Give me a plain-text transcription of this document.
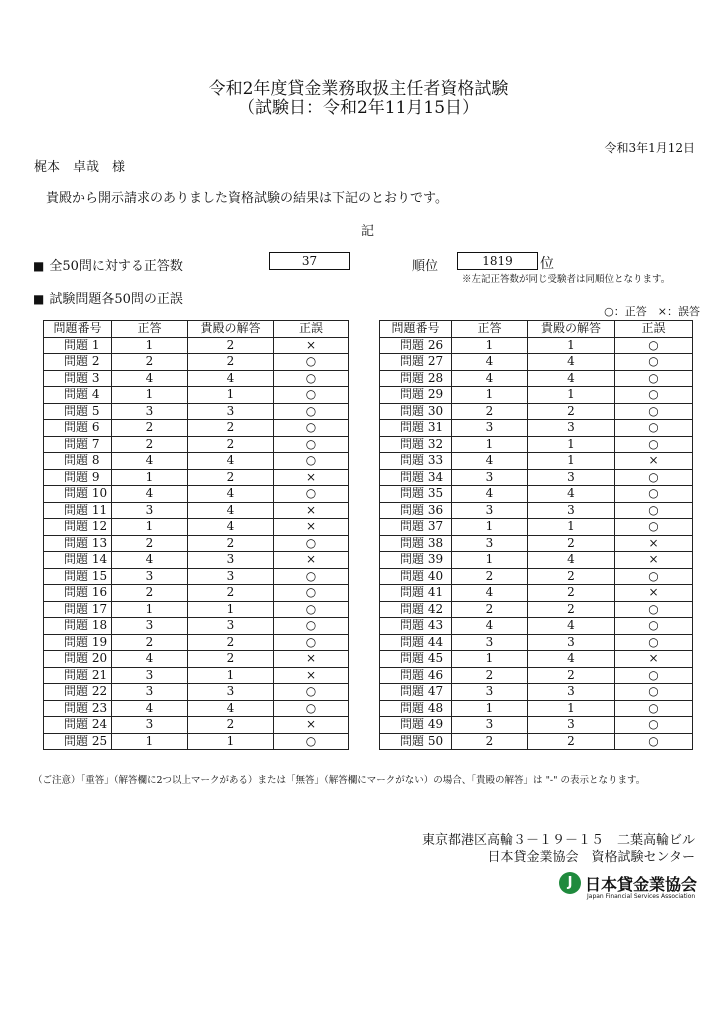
令和2年度貸金業務取扱主任者資格試験
（試験日：令和2年11月15日）
令和3年1月12日
梶本　卓哉　様
貴殿から開示請求のありました資格試験の結果は下記のとおりです。
記
■ 全50問に対する正答数	37	順位	1819	位
※左記正答数が同じ受験者は同順位となります。
■ 試験問題各50問の正誤
○：正答　×：誤答
問題番号	正答	貴殿の解答	正誤
問題 1	1	2	×
問題 2	2	2	○
問題 3	4	4	○
問題 4	1	1	○
問題 5	3	3	○
問題 6	2	2	○
問題 7	2	2	○
問題 8	4	4	○
問題 9	1	2	×
問題 10	4	4	○
問題 11	3	4	×
問題 12	1	4	×
問題 13	2	2	○
問題 14	4	3	×
問題 15	3	3	○
問題 16	2	2	○
問題 17	1	1	○
問題 18	3	3	○
問題 19	2	2	○
問題 20	4	2	×
問題 21	3	1	×
問題 22	3	3	○
問題 23	4	4	○
問題 24	3	2	×
問題 25	1	1	○
問題番号	正答	貴殿の解答	正誤
問題 26	1	1	○
問題 27	4	4	○
問題 28	4	4	○
問題 29	1	1	○
問題 30	2	2	○
問題 31	3	3	○
問題 32	1	1	○
問題 33	4	1	×
問題 34	3	3	○
問題 35	4	4	○
問題 36	3	3	○
問題 37	1	1	○
問題 38	3	2	×
問題 39	1	4	×
問題 40	2	2	○
問題 41	4	2	×
問題 42	2	2	○
問題 43	4	4	○
問題 44	3	3	○
問題 45	1	4	×
問題 46	2	2	○
問題 47	3	3	○
問題 48	1	1	○
問題 49	3	3	○
問題 50	2	2	○
（ご注意）「重答」（解答欄に2つ以上マークがある）または「無答」（解答欄にマークがない）の場合、「貴殿の解答」は "-" の表示となります。
東京都港区高輪３－１９－１５　二葉高輪ビル
日本貸金業協会　資格試験センター
J 日本貸金業協会
Japan Financial Services Association
